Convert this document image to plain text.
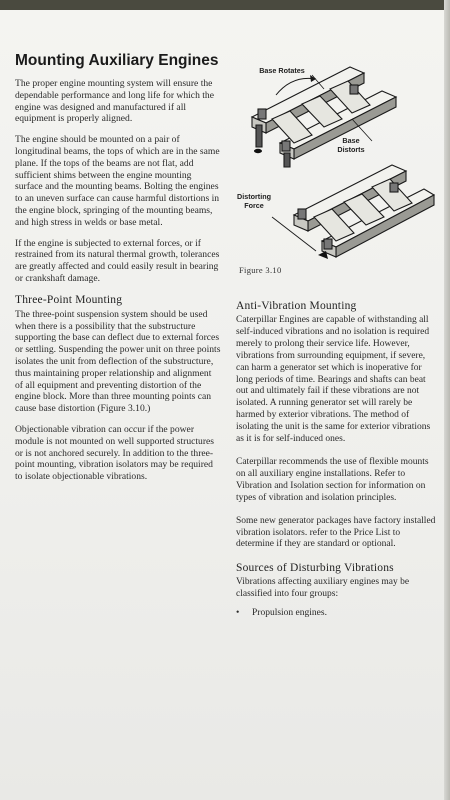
Mounting Auxiliary Engines

The proper engine mounting system will ensure the dependable performance and long life for which the engine was designed and manufactured if all equipment is properly aligned.

The engine should be mounted on a pair of longitudinal beams, the tops of which are in the same plane. If the tops of the beams are not flat, add sufficient shims between the engine mounting surface and the mounting beams. Bolting the engines to an uneven surface can cause harmful distortions in the engine block, springing of the mounting beams, and high stress in welds or base metal.

If the engine is subjected to external forces, or if restrained from its natural thermal growth, tolerances are greatly affected and could easily result in bearing or crankshaft damage.

Three-Point Mounting

The three-point suspension system should be used when there is a possibility that the substructure supporting the base can deflect due to external forces or settling. Suspending the power unit on three points isolates the unit from deflection of the substructure, thus maintaining proper relationship and alignment of all equipment and preventing distortion of the engine block. More than three mounting points can cause base distortion (Figure 3.10.)

Objectionable vibration can occur if the power module is not mounted on well supported structures or is not anchored securely. In addition to the three-point mounting, vibration isolators may be required to isolate objectionable vibrations.

Base Rotates
Base Distorts
Distorting Force
Figure 3.10
Anti-Vibration Mounting

Caterpillar Engines are capable of withstanding all self-induced vibrations and no isolation is required merely to prolong their service life. However, vibrations from surrounding equipment, if severe, can harm a generator set which is inoperative for long periods of time. Bearings and shafts can beat out and ultimately fail if these vibrations are not isolated. A running generator set will rarely be harmed by exterior vibrations. The method of isolating the unit is the same for exterior vibrations as it is for self-induced ones.

Caterpillar recommends the use of flexible mounts on all auxiliary engine installations. Refer to Vibration and Isolation section for information on types of vibration and isolation principles.

Some new generator packages have factory installed vibration isolators. refer to the Price List to determine if they are standard or optional.

Sources of Disturbing Vibrations

Vibrations affecting auxiliary engines may be classified into four groups:

• Propulsion engines.
